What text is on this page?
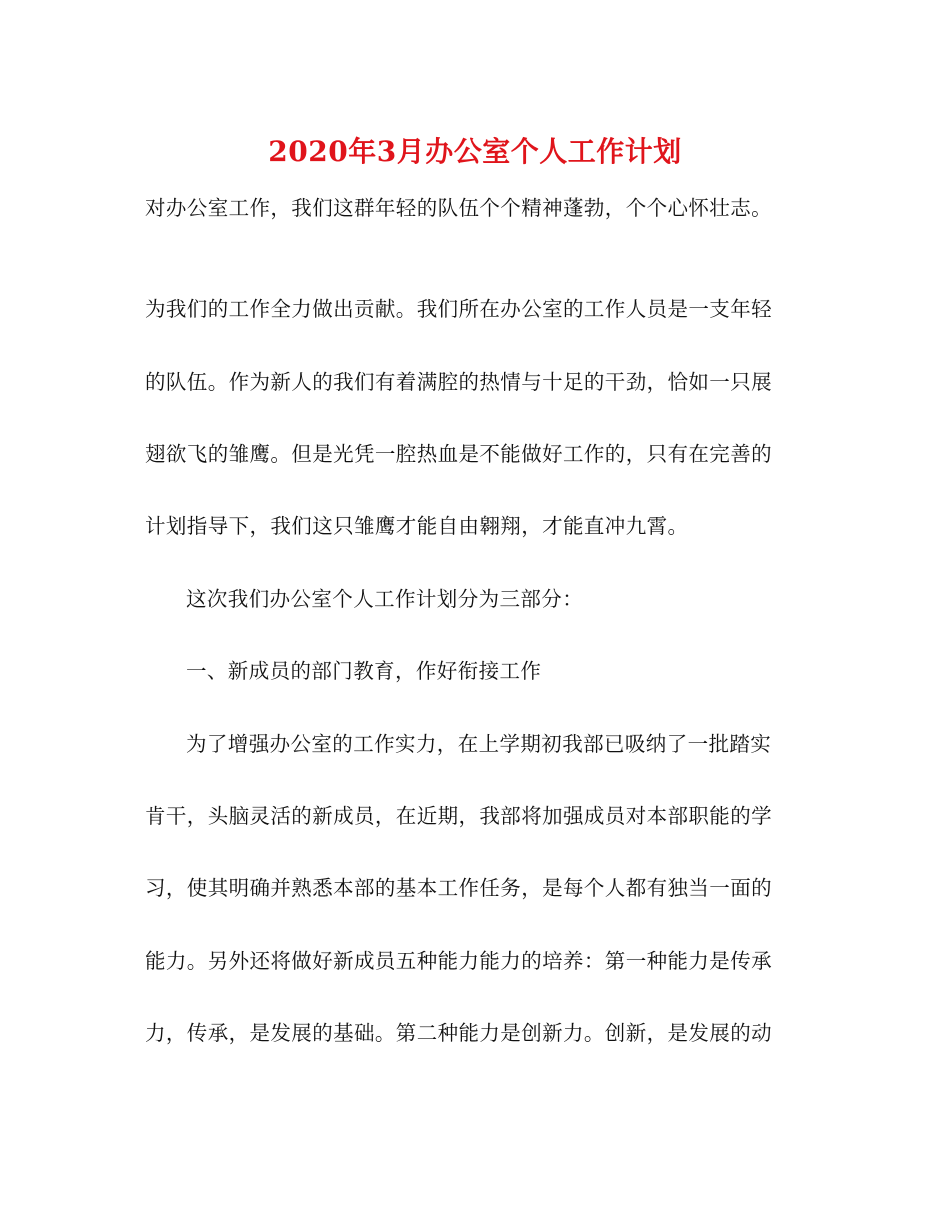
2020年3月办公室个人工作计划
对办公室工作，我们这群年轻的队伍个个精神蓬勃，个个心怀壮志。
为我们的工作全力做出贡献。我们所在办公室的工作人员是一支年轻
的队伍。作为新人的我们有着满腔的热情与十足的干劲，恰如一只展
翅欲飞的雏鹰。但是光凭一腔热血是不能做好工作的，只有在完善的
计划指导下，我们这只雏鹰才能自由翱翔，才能直冲九霄。
这次我们办公室个人工作计划分为三部分：
一、新成员的部门教育，作好衔接工作
为了增强办公室的工作实力，在上学期初我部已吸纳了一批踏实
肯干，头脑灵活的新成员，在近期，我部将加强成员对本部职能的学
习，使其明确并熟悉本部的基本工作任务，是每个人都有独当一面的
能力。另外还将做好新成员五种能力能力的培养：第一种能力是传承
力，传承，是发展的基础。第二种能力是创新力。创新，是发展的动
